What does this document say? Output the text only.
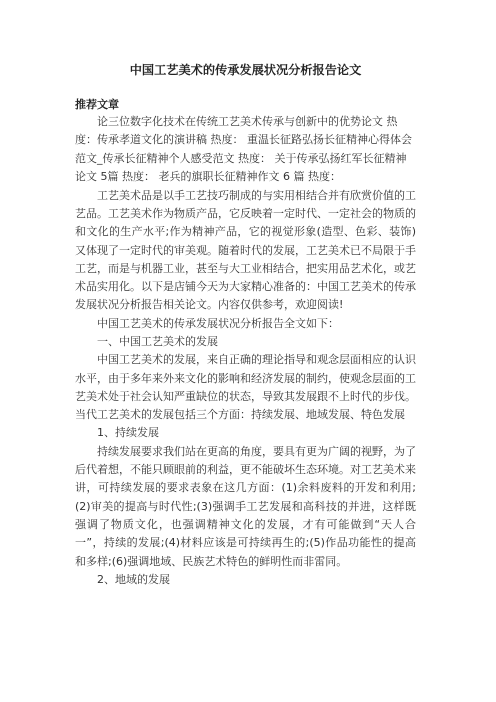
中国工艺美术的传承发展状况分析报告论文
推荐文章

论三位数字化技术在传统工艺美术传承与创新中的优势论文 热度：传承孝道文化的演讲稿 热度： 重温长征路弘扬长征精神心得体会范文_传承长征精神个人感受范文 热度： 关于传承弘扬红军长征精神论文 5篇 热度： 老兵的旗职长征精神作文 6 篇 热度：

工艺美术品是以手工艺技巧制成的与实用相结合并有欣赏价值的工艺品。工艺美术作为物质产品，它反映着一定时代、一定社会的物质的和文化的生产水平;作为精神产品，它的视觉形象(造型、色彩、装饰)又体现了一定时代的审美观。随着时代的发展，工艺美术已不局限于手工艺，而是与机器工业，甚至与大工业相结合，把实用品艺术化，或艺术品实用化。以下是店铺今天为大家精心准备的：中国工艺美术的传承发展状况分析报告相关论文。内容仅供参考，欢迎阅读!

中国工艺美术的传承发展状况分析报告全文如下：

一、中国工艺美术的发展

中国工艺美术的发展，来自正确的理论指导和观念层面相应的认识水平，由于多年来外来文化的影响和经济发展的制约，使观念层面的工艺美术处于社会认知严重缺位的状态，导致其发展跟不上时代的步伐。当代工艺美术的发展包括三个方面：持续发展、地域发展、特色发展

1、持续发展

持续发展要求我们站在更高的角度，要具有更为广阔的视野，为了后代着想，不能只顾眼前的利益，更不能破坏生态环境。对工艺美术来讲，可持续发展的要求表象在这几方面：(1)余料废料的开发和利用;(2)审美的提高与时代性;(3)强调手工艺发展和高科技的并进，这样既强调了物质文化，也强调精神文化的发展，才有可能做到“天人合一”，持续的发展;(4)材料应该是可持续再生的;(5)作品功能性的提高和多样;(6)强调地域、民族艺术特色的鲜明性而非雷同。

2、地域的发展
